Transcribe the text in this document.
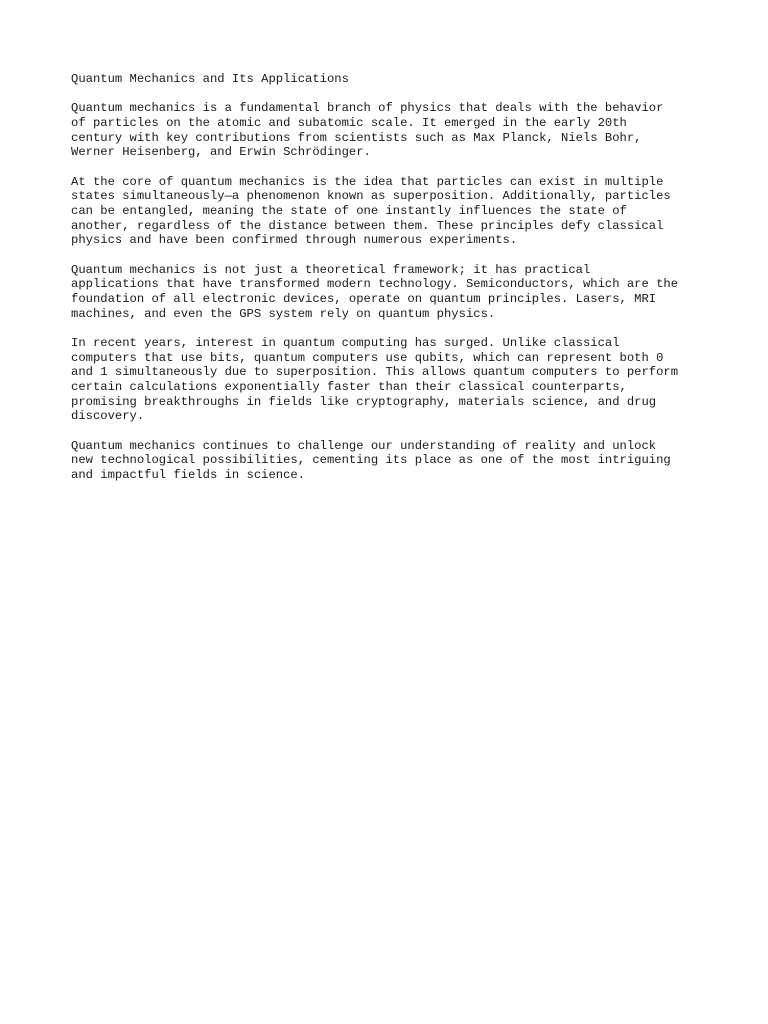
Quantum Mechanics and Its Applications
Quantum mechanics is a fundamental branch of physics that deals with the behavior
of particles on the atomic and subatomic scale. It emerged in the early 20th
century with key contributions from scientists such as Max Planck, Niels Bohr,
Werner Heisenberg, and Erwin Schrödinger.
At the core of quantum mechanics is the idea that particles can exist in multiple
states simultaneously—a phenomenon known as superposition. Additionally, particles
can be entangled, meaning the state of one instantly influences the state of
another, regardless of the distance between them. These principles defy classical
physics and have been confirmed through numerous experiments.
Quantum mechanics is not just a theoretical framework; it has practical
applications that have transformed modern technology. Semiconductors, which are the
foundation of all electronic devices, operate on quantum principles. Lasers, MRI
machines, and even the GPS system rely on quantum physics.
In recent years, interest in quantum computing has surged. Unlike classical
computers that use bits, quantum computers use qubits, which can represent both 0
and 1 simultaneously due to superposition. This allows quantum computers to perform
certain calculations exponentially faster than their classical counterparts,
promising breakthroughs in fields like cryptography, materials science, and drug
discovery.
Quantum mechanics continues to challenge our understanding of reality and unlock
new technological possibilities, cementing its place as one of the most intriguing
and impactful fields in science.
